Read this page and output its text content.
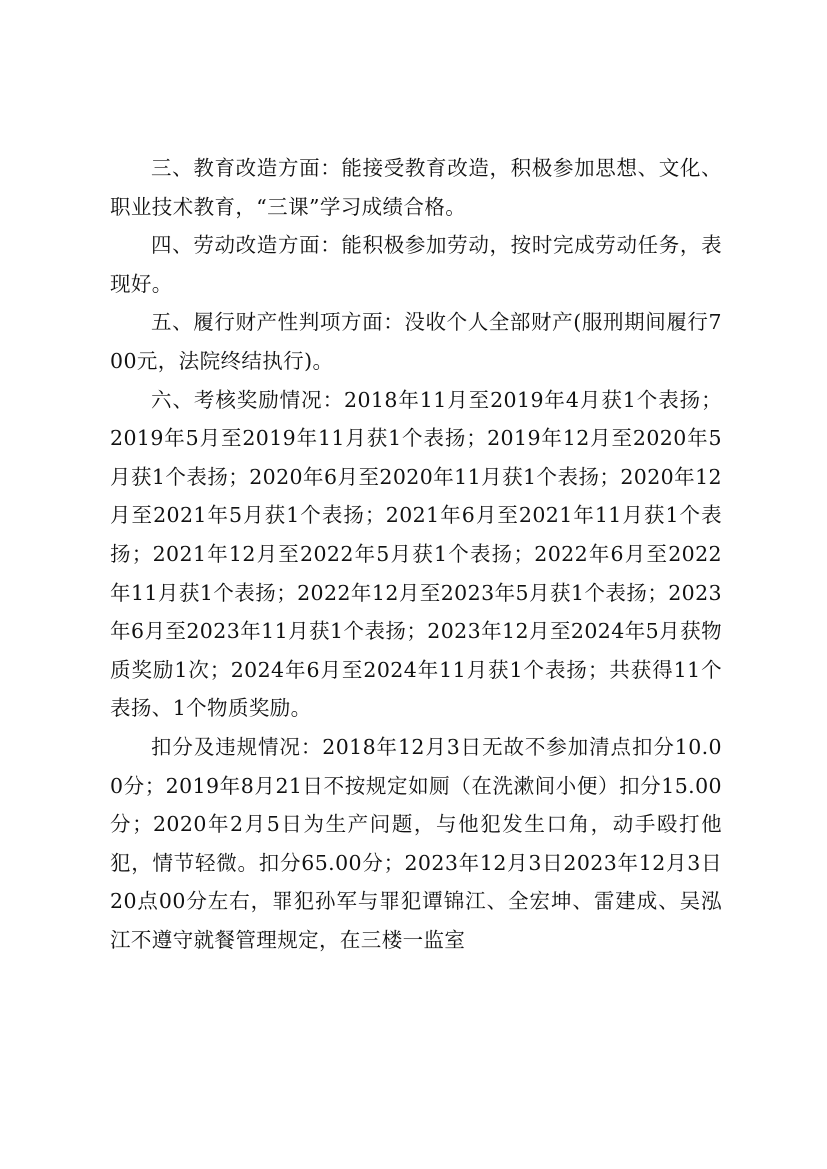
三、教育改造方面：能接受教育改造，积极参加思想、文化、职业技术教育，“三课”学习成绩合格。

四、劳动改造方面：能积极参加劳动，按时完成劳动任务，表现好。

五、履行财产性判项方面：没收个人全部财产(服刑期间履行700元，法院终结执行)。

六、考核奖励情况：2018年11月至2019年4月获1个表扬；2019年5月至2019年11月获1个表扬；2019年12月至2020年5月获1个表扬；2020年6月至2020年11月获1个表扬；2020年12月至2021年5月获1个表扬；2021年6月至2021年11月获1个表扬；2021年12月至2022年5月获1个表扬；2022年6月至2022年11月获1个表扬；2022年12月至2023年5月获1个表扬；2023年6月至2023年11月获1个表扬；2023年12月至2024年5月获物质奖励1次；2024年6月至2024年11月获1个表扬；共获得11个表扬、1个物质奖励。

扣分及违规情况：2018年12月3日无故不参加清点扣分10.00分；2019年8月21日不按规定如厕（在洗漱间小便）扣分15.00分；2020年2月5日为生产问题，与他犯发生口角，动手殴打他犯，情节轻微。扣分65.00分；2023年12月3日2023年12月3日20点00分左右，罪犯孙军与罪犯谭锦江、全宏坤、雷建成、吴泓江不遵守就餐管理规定，在三楼一监室
